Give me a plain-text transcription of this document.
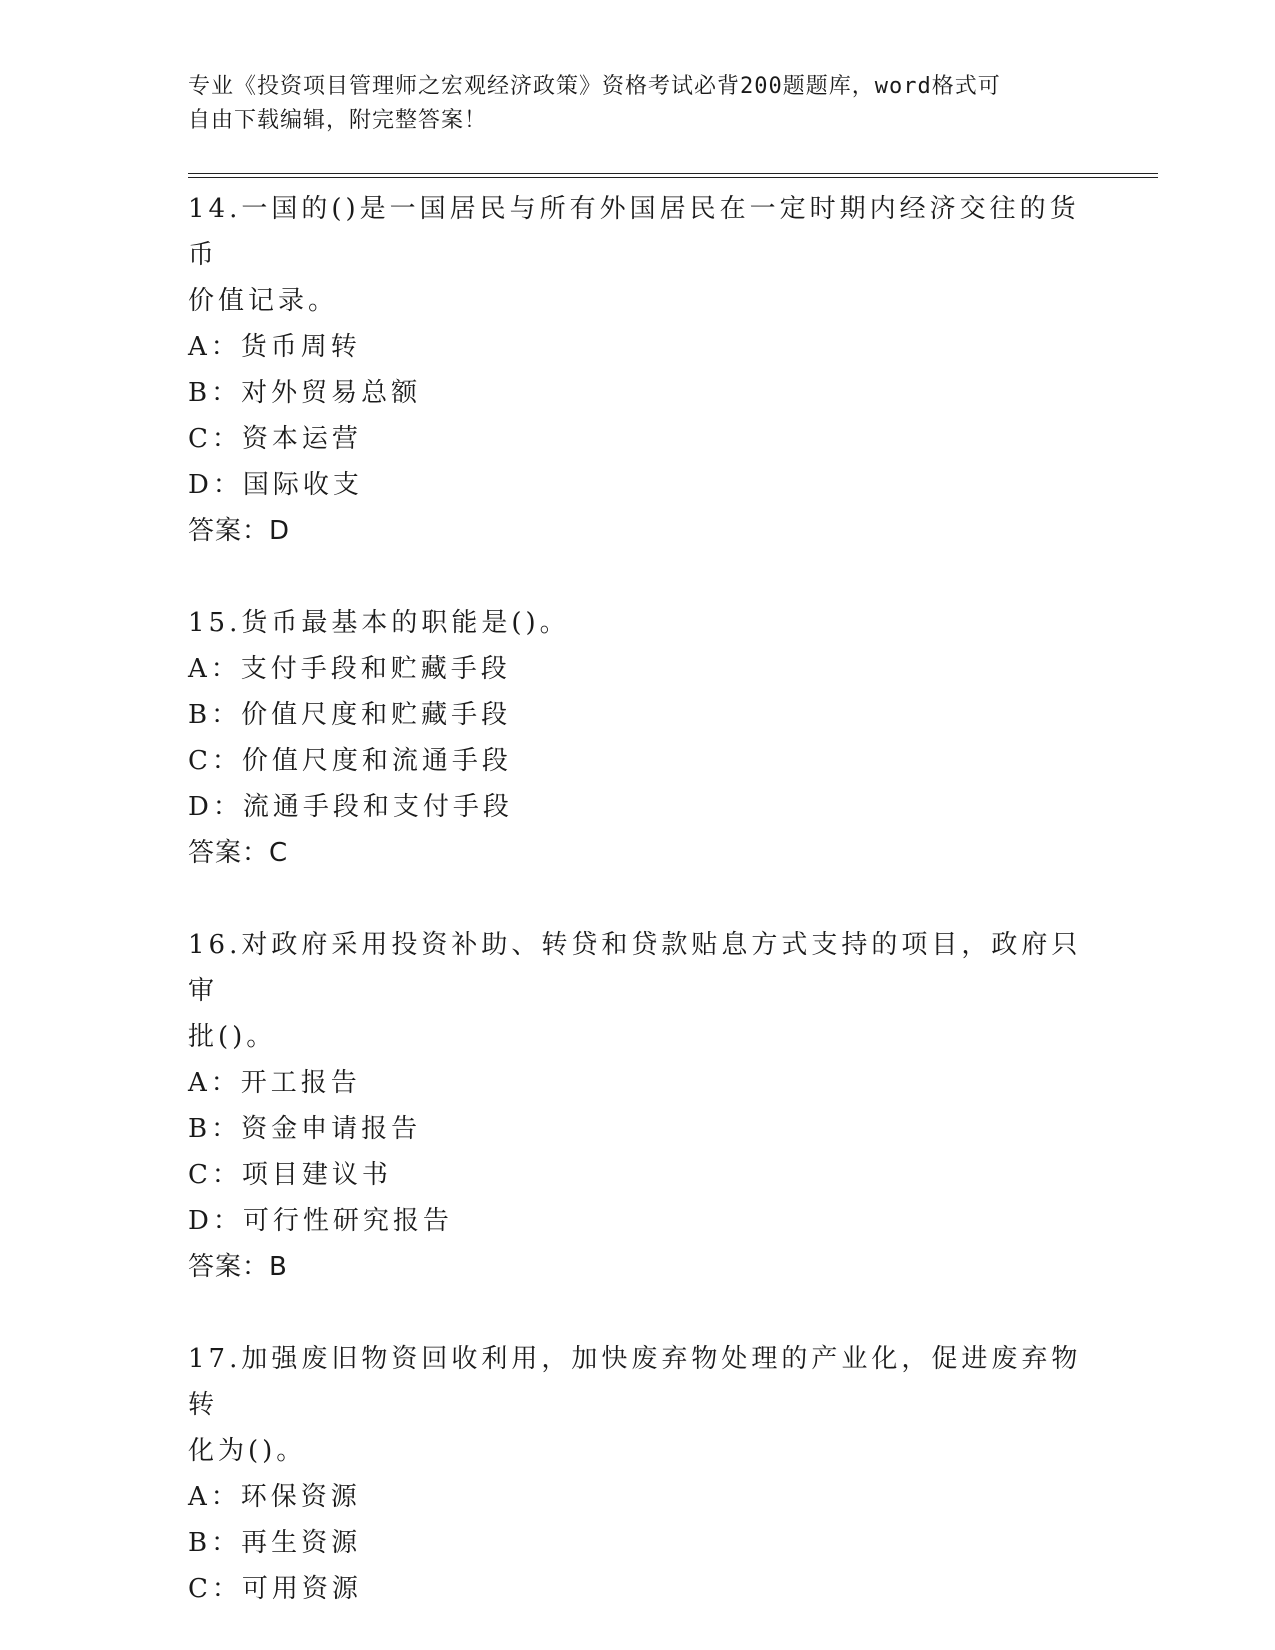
专业《投资项目管理师之宏观经济政策》资格考试必背200题题库，word格式可
自由下载编辑，附完整答案！

14.一国的()是一国居民与所有外国居民在一定时期内经济交往的货币
价值记录。

A：货币周转

B：对外贸易总额

C：资本运营

D：国际收支

答案：D

15.货币最基本的职能是()。

A：支付手段和贮藏手段

B：价值尺度和贮藏手段

C：价值尺度和流通手段

D：流通手段和支付手段

答案：C

16.对政府采用投资补助、转贷和贷款贴息方式支持的项目，政府只审
批()。

A：开工报告

B：资金申请报告

C：项目建议书

D：可行性研究报告

答案：B

17.加强废旧物资回收利用，加快废弃物处理的产业化，促进废弃物转
化为()。

A：环保资源

B：再生资源

C：可用资源
